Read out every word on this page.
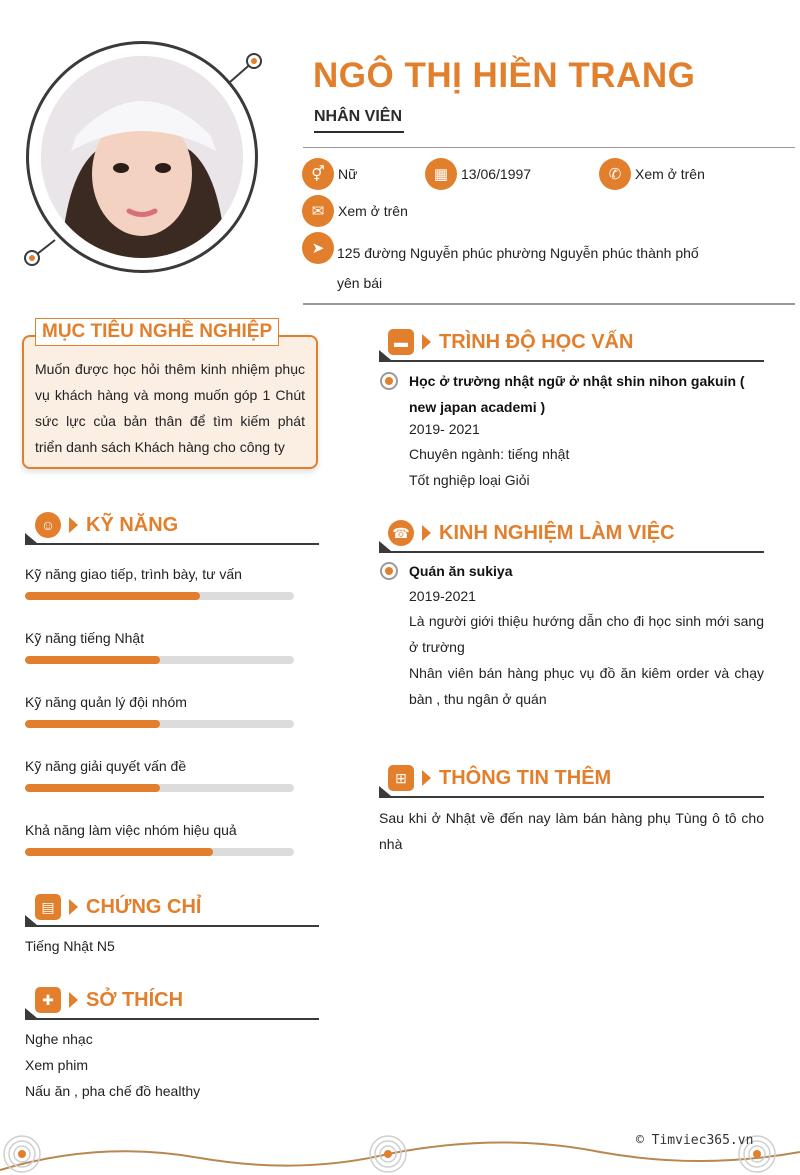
NGÔ THỊ HIỀN TRANG
NHÂN VIÊN
⚥ Nữ	▦ 13/06/1997	✆ Xem ở trên
✉ Xem ở trên
➤ 125 đường Nguyễn phúc phường Nguyễn phúc thành phố yên bái
MỤC TIÊU NGHỀ NGHIỆP
Muốn được học hỏi thêm kinh nhiệm phục vụ khách hàng và mong muốn góp 1 Chút sức lực của bản thân để tìm kiếm phát triển danh sách Khách hàng cho công ty
☺ KỸ NĂNG
Kỹ năng giao tiếp, trình bày, tư vấn
Kỹ năng tiếng Nhật
Kỹ năng quản lý đội nhóm
Kỹ năng giải quyết vấn đề
Khả năng làm việc nhóm hiệu quả
▤	CHỨNG CHỈ
Tiếng Nhật N5
✚	SỞ THÍCH
Nghe nhạc
Xem phim
Nấu ăn , pha chế đồ healthy
▬	TRÌNH ĐỘ HỌC VẤN
Học ở trường nhật ngữ ở nhật shin nihon gakuin ( new japan academi )
2019- 2021
Chuyên ngành: tiếng nhật
Tốt nghiệp loại Giỏi
☎ KINH NGHIỆM LÀM VIỆC
Quán ăn sukiya
2019-2021
Là người giới thiệu hướng dẫn cho đi học sinh mới sang ở trường
Nhân viên bán hàng phục vụ đồ ăn kiêm order và chạy bàn , thu ngân ở quán
⊞	THÔNG TIN THÊM
Sau khi ở Nhật về đến nay làm bán hàng phụ Tùng ô tô cho nhà
© Timviec365.vn
